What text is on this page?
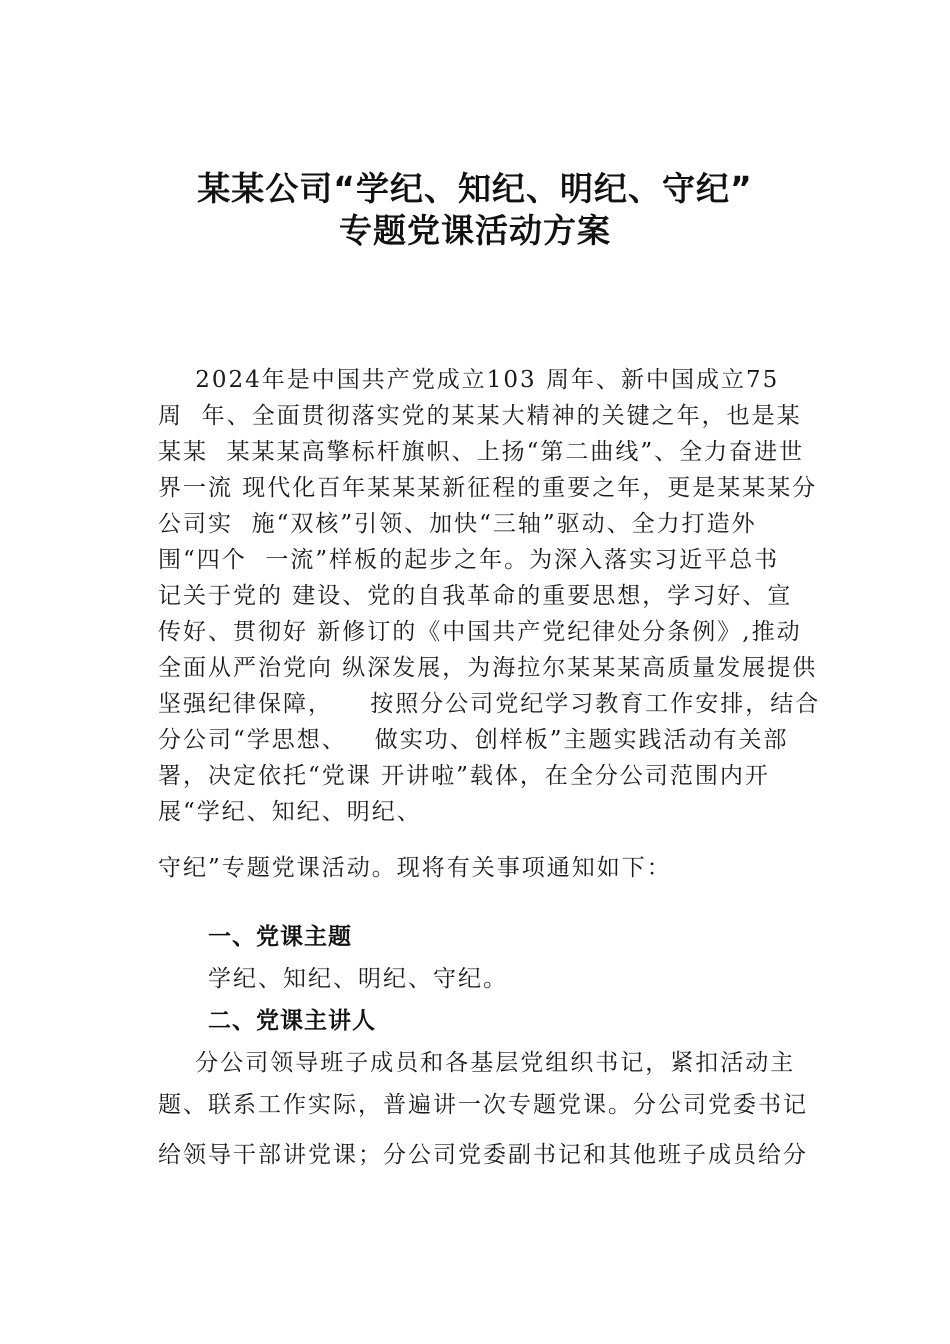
某某公司“学纪、知纪、明纪、守纪”
专题党课活动方案
2024年是中国共产党成立103 周年、新中国成立75
周  年、全面贯彻落实党的某某大精神的关键之年，也是某
某某  某某某高擎标杆旗帜、上扬“第二曲线”、全力奋进世
界一流 现代化百年某某某新征程的重要之年，更是某某某分
公司实  施“双核”引领、加快“三轴”驱动、全力打造外
围“四个  一流”样板的起步之年。为深入落实习近平总书
记关于党的 建设、党的自我革命的重要思想，学习好、宣
传好、贯彻好 新修订的《中国共产党纪律处分条例》,推动
全面从严治党向 纵深发展，为海拉尔某某某高质量发展提供
坚强纪律保障，    按照分公司党纪学习教育工作安排，结合
分公司“学思想、   做实功、创样板”主题实践活动有关部
署，决定依托“党课 开讲啦”载体，在全分公司范围内开
展“学纪、知纪、明纪、
守纪”专题党课活动。现将有关事项通知如下：
一、党课主题
学纪、知纪、明纪、守纪。
二、党课主讲人
分公司领导班子成员和各基层党组织书记，紧扣活动主
题、联系工作实际，普遍讲一次专题党课。分公司党委书记
给领导干部讲党课；分公司党委副书记和其他班子成员给分
